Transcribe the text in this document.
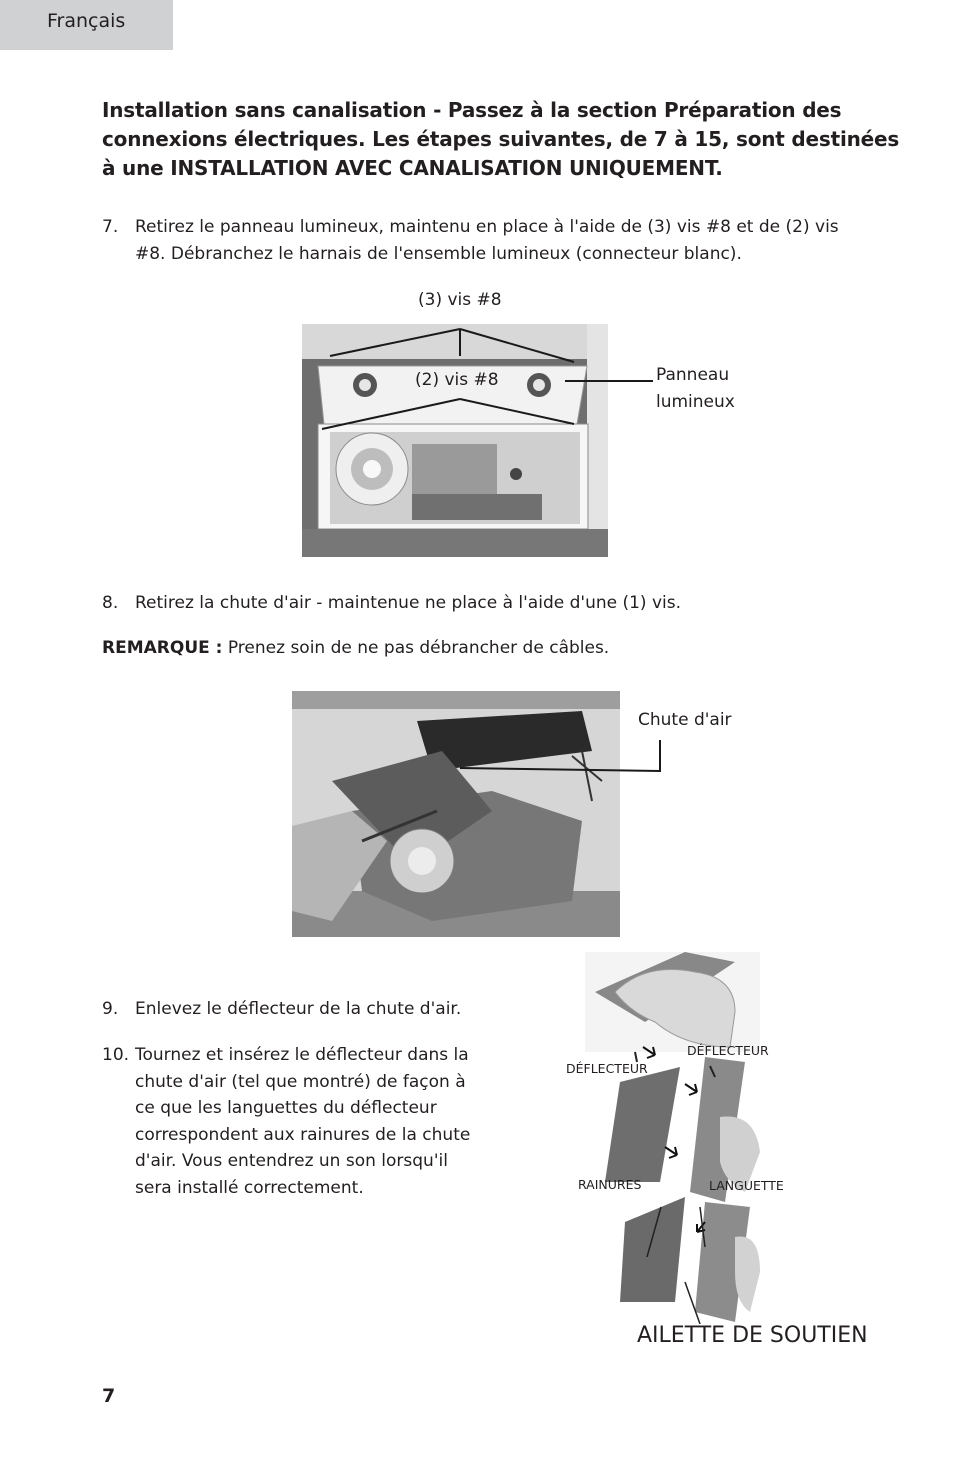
Français
Installation sans canalisation - Passez à la section Préparation des connexions électriques. Les étapes suivantes, de 7 à 15, sont destinées à une INSTALLATION AVEC CANALISATION UNIQUEMENT.
7. Retirez le panneau lumineux, maintenu en place à l'aide de (3) vis #8 et de (2) vis #8. Débranchez le harnais de l'ensemble lumineux (connecteur blanc).
(3) vis #8
(2) vis #8	Panneau
lumineux
8. Retirez la chute d'air - maintenue ne place à l'aide d'une (1) vis.
REMARQUE : Prenez soin de ne pas débrancher de câbles.
Chute d'air
9. Enlevez le déflecteur de la chute d'air.
10. Tournez et insérez le déflecteur dans la chute d'air (tel que montré) de façon à ce que les languettes du déflecteur correspondent aux rainures de la chute d'air. Vous entendrez un son lorsqu'il sera installé correctement.
DÉFLECTEUR
DÉFLECTEUR
RAINURES	LANGUETTE
AILETTE DE SOUTIEN
7
